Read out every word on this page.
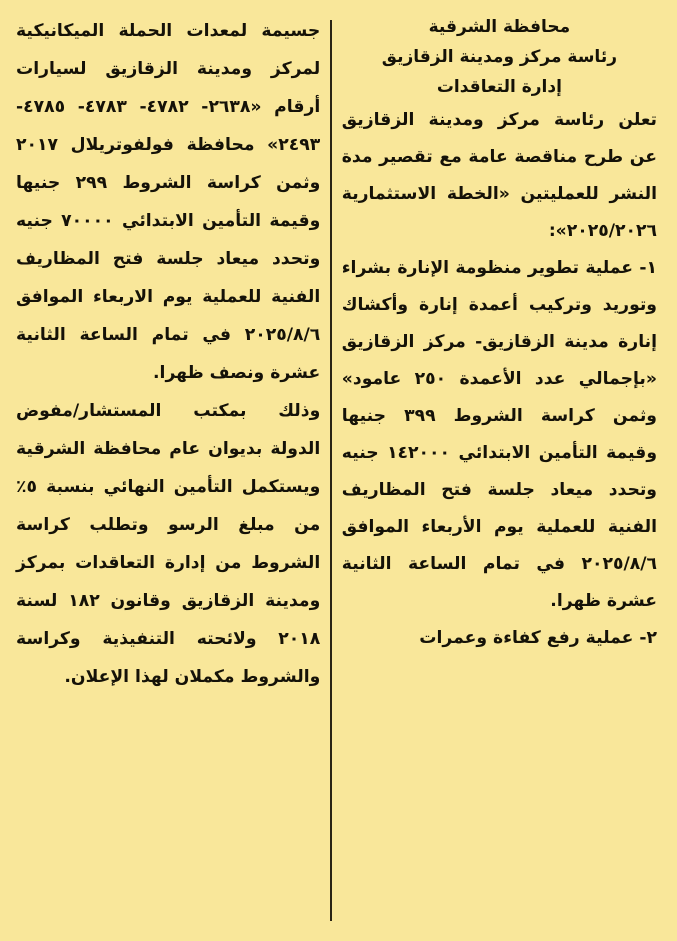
محافظة الشرقية

رئاسة مركز ومدينة الزقازيق

إدارة التعاقدات

تعلن رئاسة مركز ومدينة الزقازيق عن طرح مناقصة عامة مع تقصير مدة النشر للعمليتين «الخطة الاستثمارية ٢٠٢٥/٢٠٢٦»:

١- عملية تطوير منظومة الإنارة بشراء وتوريد وتركيب أعمدة إنارة وأكشاك إنارة مدينة الزقازيق- مركز الزقازيق «بإجمالي عدد الأعمدة ٢٥٠ عامود» وثمن كراسة الشروط ٣٩٩ جنيها وقيمة التأمين الابتدائي ١٤٢٠٠٠ جنيه وتحدد ميعاد جلسة فتح المظاريف الفنية للعملية يوم الأربعاء الموافق ٢٠٢٥/٨/٦ في تمام الساعة الثانية عشرة ظهرا.

٢- عملية رفع كفاءة وعمرات

جسيمة لمعدات الحملة الميكانيكية لمركز ومدينة الزقازيق لسيارات أرقام «٢٦٣٨- ٤٧٨٢- ٤٧٨٣- ٤٧٨٥- ٢٤٩٣» محافظة فولفوتريلال ٢٠١٧ وثمن كراسة الشروط ٢٩٩ جنيها وقيمة التأمين الابتدائي ٧٠٠٠٠ جنيه وتحدد ميعاد جلسة فتح المظاريف الفنية للعملية يوم الاربعاء الموافق ٢٠٢٥/٨/٦ في تمام الساعة الثانية عشرة ونصف ظهرا.

وذلك بمكتب المستشار/مفوض الدولة بديوان عام محافظة الشرقية ويستكمل التأمين النهائي بنسبة ٥٪ من مبلغ الرسو وتطلب كراسة الشروط من إدارة التعاقدات بمركز ومدينة الزقازيق وقانون ١٨٢ لسنة ٢٠١٨ ولائحته التنفيذية وكراسة والشروط مكملان لهذا الإعلان.
